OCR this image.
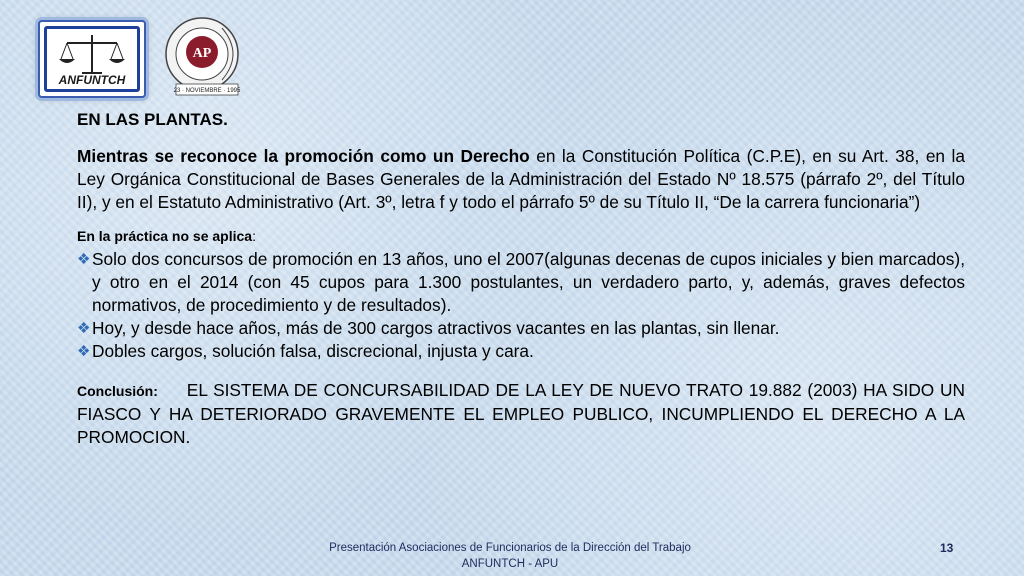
ANFUNTCH
AP
23 · NOVIEMBRE · 1995

EN LAS PLANTAS.

Mientras se reconoce la promoción como un Derecho en la Constitución Política (C.P.E), en su Art. 38, en la Ley Orgánica Constitucional de Bases Generales de la Administración del Estado Nº 18.575 (párrafo 2º, del Título II), y en el Estatuto Administrativo (Art. 3º, letra f y todo el párrafo 5º de su Título II, “De la carrera funcionaria”)

En la práctica no se aplica:

❖ Solo dos concursos de promoción en 13 años, uno el 2007(algunas decenas de cupos iniciales y bien marcados), y otro en el 2014 (con 45 cupos para 1.300 postulantes, un verdadero parto, y, además, graves defectos normativos, de procedimiento y de resultados).
❖ Hoy, y desde hace años, más de 300 cargos atractivos vacantes en las plantas, sin llenar.
❖ Dobles cargos, solución falsa, discrecional, injusta y cara.

Conclusión: EL SISTEMA DE CONCURSABILIDAD DE LA LEY DE NUEVO TRATO 19.882 (2003) HA SIDO UN FIASCO Y HA DETERIORADO GRAVEMENTE EL EMPLEO PUBLICO, INCUMPLIENDO EL DERECHO A LA PROMOCION.

Presentación Asociaciones de Funcionarios de la Dirección del Trabajo
ANFUNTCH - APU
13
